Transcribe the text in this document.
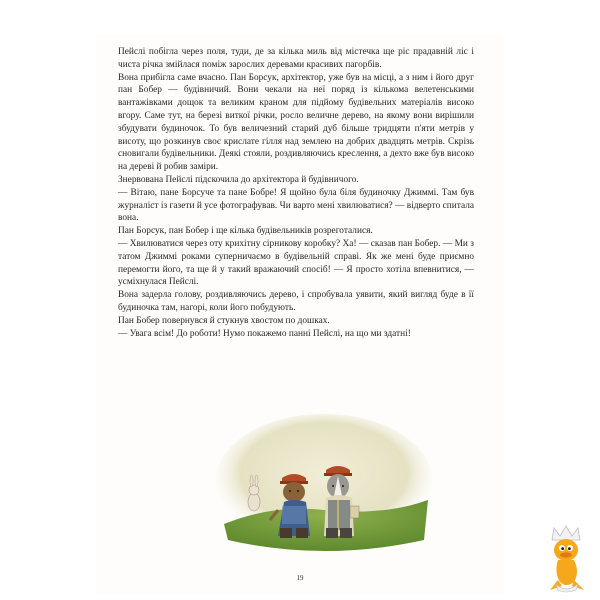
Пейслі побігла через поля, туди, де за кілька миль від містечка ще ріс прадавній ліс і чиста річка змійлася поміж зарослих деревами красивих пагорбів.

Вона прибігла саме вчасно. Пан Борсук, архітектор, уже був на місці, а з ним і його друг пан Бобер — будівничий. Вони чекали на неї поряд із кількома велетенськими вантажівками дощок та великим краном для підйому будівельних матеріалів високо вгору. Саме тут, на березі виткої річки, росло величне дерево, на якому вони вирішили збудувати будиночок. То був величезний старий дуб більше тридцяти п'яти метрів у висоту, що розкинув своє крислате гілля над землею на добрих двадцять метрів. Скрізь сновигали будівельники. Деякі стояли, роздивляючись креслення, а дехто вже був високо на дереві й робив заміри.

Знервована Пейслі підскочила до архітектора й будівничого.

— Вітаю, пане Борсуче та пане Бобре! Я щойно була біля будиночку Джиммі. Там був журналіст із газети й усе фотографував. Чи варто мені хвилюватися? — відверто спитала вона.

Пан Борсук, пан Бобер і ще кілька будівельників розреготалися.

— Хвилюватися через оту крихітну сірникову коробку? Ха! — сказав пан Бобер. — Ми з татом Джиммі роками суперничаємо в будівельній справі. Як же мені буде приємно перемогти його, та ще й у такий вражаючий спосіб! — Я просто хотіла впевнитися, — усміхнулася Пейслі.

Вона задерла голову, роздивляючись дерево, і спробувала уявити, який вигляд буде в її будиночка там, нагорі, коли його побудують.

Пан Бобер повернувся й стукнув хвостом по дошках.

— Увага всім! До роботи! Нумо покажемо панні Пейслі, на що ми здатні!

19
